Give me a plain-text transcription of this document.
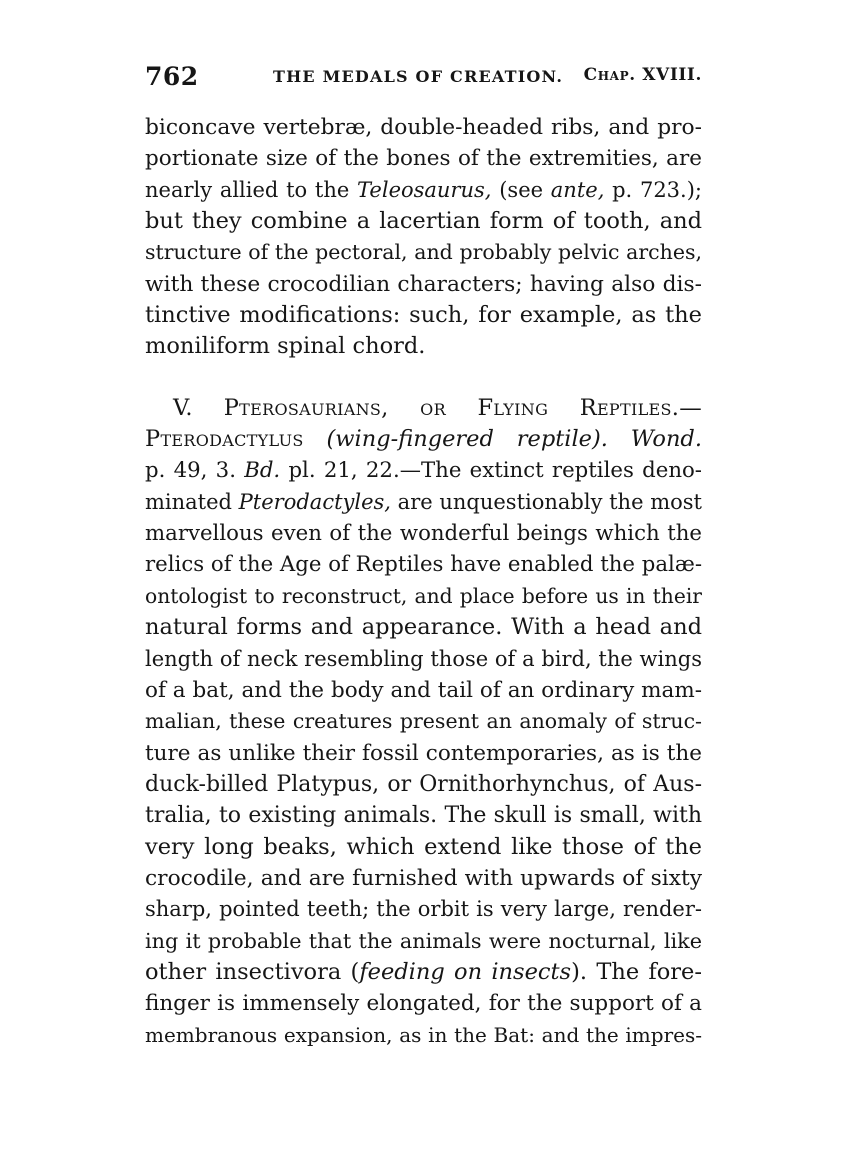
762	THE MEDALS OF CREATION. Chap. XVIII.
biconcave vertebræ, double-headed ribs, and pro-
portionate size of the bones of the extremities, are
nearly allied to the Teleosaurus, (see ante, p. 723.);
but they combine a lacertian form of tooth, and
structure of the pectoral, and probably pelvic arches,
with these crocodilian characters; having also dis-
tinctive modifications: such, for example, as the
moniliform spinal chord.
V. Pterosaurians, or Flying Reptiles.—
Pterodactylus (wing-fingered reptile). Wond.
p. 49, 3. Bd. pl. 21, 22.—The extinct reptiles deno-
minated Pterodactyles, are unquestionably the most
marvellous even of the wonderful beings which the
relics of the Age of Reptiles have enabled the palæ-
ontologist to reconstruct, and place before us in their
natural forms and appearance. With a head and
length of neck resembling those of a bird, the wings
of a bat, and the body and tail of an ordinary mam-
malian, these creatures present an anomaly of struc-
ture as unlike their fossil contemporaries, as is the
duck-billed Platypus, or Ornithorhynchus, of Aus-
tralia, to existing animals. The skull is small, with
very long beaks, which extend like those of the
crocodile, and are furnished with upwards of sixty
sharp, pointed teeth; the orbit is very large, render-
ing it probable that the animals were nocturnal, like
other insectivora (feeding on insects). The fore-
finger is immensely elongated, for the support of a
membranous expansion, as in the Bat: and the impres-
